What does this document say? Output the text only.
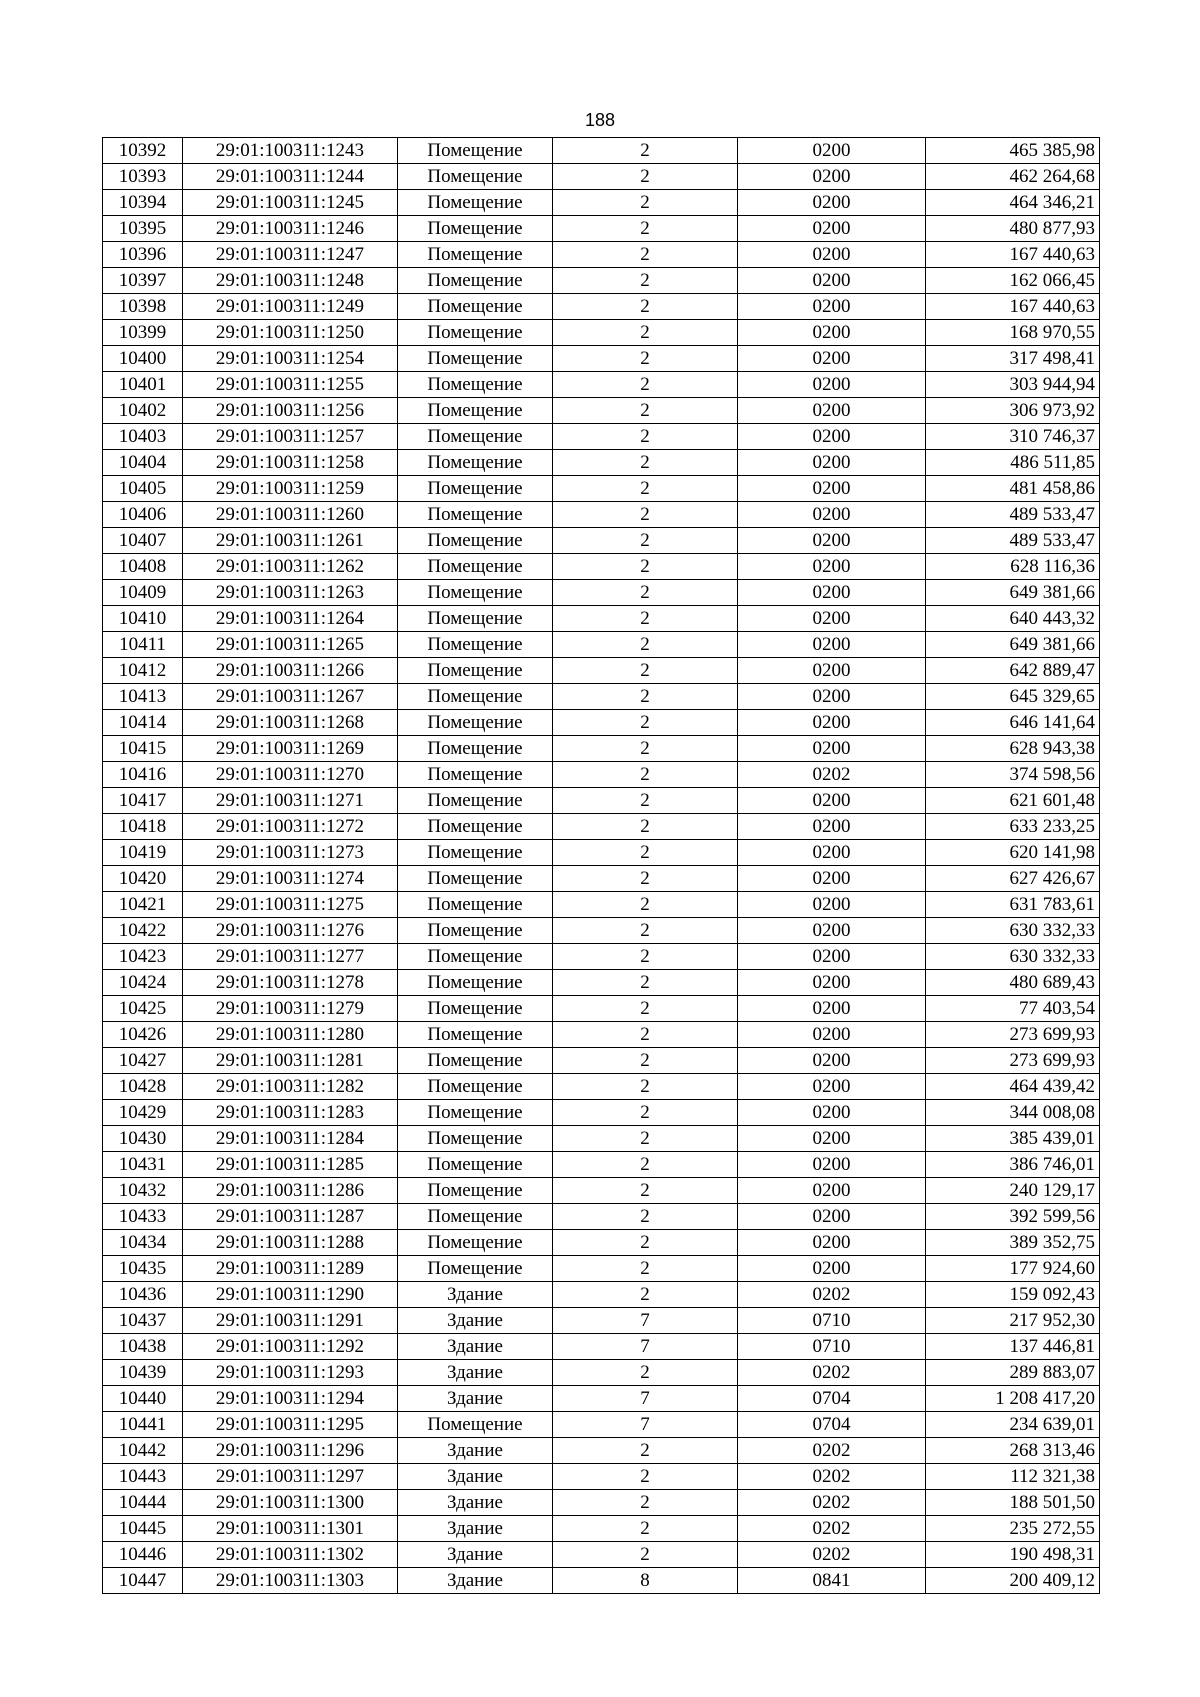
188
10392	29:01:100311:1243	Помещение	2	0200	465 385,98
10393	29:01:100311:1244	Помещение	2	0200	462 264,68
10394	29:01:100311:1245	Помещение	2	0200	464 346,21
10395	29:01:100311:1246	Помещение	2	0200	480 877,93
10396	29:01:100311:1247	Помещение	2	0200	167 440,63
10397	29:01:100311:1248	Помещение	2	0200	162 066,45
10398	29:01:100311:1249	Помещение	2	0200	167 440,63
10399	29:01:100311:1250	Помещение	2	0200	168 970,55
10400	29:01:100311:1254	Помещение	2	0200	317 498,41
10401	29:01:100311:1255	Помещение	2	0200	303 944,94
10402	29:01:100311:1256	Помещение	2	0200	306 973,92
10403	29:01:100311:1257	Помещение	2	0200	310 746,37
10404	29:01:100311:1258	Помещение	2	0200	486 511,85
10405	29:01:100311:1259	Помещение	2	0200	481 458,86
10406	29:01:100311:1260	Помещение	2	0200	489 533,47
10407	29:01:100311:1261	Помещение	2	0200	489 533,47
10408	29:01:100311:1262	Помещение	2	0200	628 116,36
10409	29:01:100311:1263	Помещение	2	0200	649 381,66
10410	29:01:100311:1264	Помещение	2	0200	640 443,32
10411	29:01:100311:1265	Помещение	2	0200	649 381,66
10412	29:01:100311:1266	Помещение	2	0200	642 889,47
10413	29:01:100311:1267	Помещение	2	0200	645 329,65
10414	29:01:100311:1268	Помещение	2	0200	646 141,64
10415	29:01:100311:1269	Помещение	2	0200	628 943,38
10416	29:01:100311:1270	Помещение	2	0202	374 598,56
10417	29:01:100311:1271	Помещение	2	0200	621 601,48
10418	29:01:100311:1272	Помещение	2	0200	633 233,25
10419	29:01:100311:1273	Помещение	2	0200	620 141,98
10420	29:01:100311:1274	Помещение	2	0200	627 426,67
10421	29:01:100311:1275	Помещение	2	0200	631 783,61
10422	29:01:100311:1276	Помещение	2	0200	630 332,33
10423	29:01:100311:1277	Помещение	2	0200	630 332,33
10424	29:01:100311:1278	Помещение	2	0200	480 689,43
10425	29:01:100311:1279	Помещение	2	0200	77 403,54
10426	29:01:100311:1280	Помещение	2	0200	273 699,93
10427	29:01:100311:1281	Помещение	2	0200	273 699,93
10428	29:01:100311:1282	Помещение	2	0200	464 439,42
10429	29:01:100311:1283	Помещение	2	0200	344 008,08
10430	29:01:100311:1284	Помещение	2	0200	385 439,01
10431	29:01:100311:1285	Помещение	2	0200	386 746,01
10432	29:01:100311:1286	Помещение	2	0200	240 129,17
10433	29:01:100311:1287	Помещение	2	0200	392 599,56
10434	29:01:100311:1288	Помещение	2	0200	389 352,75
10435	29:01:100311:1289	Помещение	2	0200	177 924,60
10436	29:01:100311:1290	Здание	2	0202	159 092,43
10437	29:01:100311:1291	Здание	7	0710	217 952,30
10438	29:01:100311:1292	Здание	7	0710	137 446,81
10439	29:01:100311:1293	Здание	2	0202	289 883,07
10440	29:01:100311:1294	Здание	7	0704	1 208 417,20
10441	29:01:100311:1295	Помещение	7	0704	234 639,01
10442	29:01:100311:1296	Здание	2	0202	268 313,46
10443	29:01:100311:1297	Здание	2	0202	112 321,38
10444	29:01:100311:1300	Здание	2	0202	188 501,50
10445	29:01:100311:1301	Здание	2	0202	235 272,55
10446	29:01:100311:1302	Здание	2	0202	190 498,31
10447	29:01:100311:1303	Здание	8	0841	200 409,12
